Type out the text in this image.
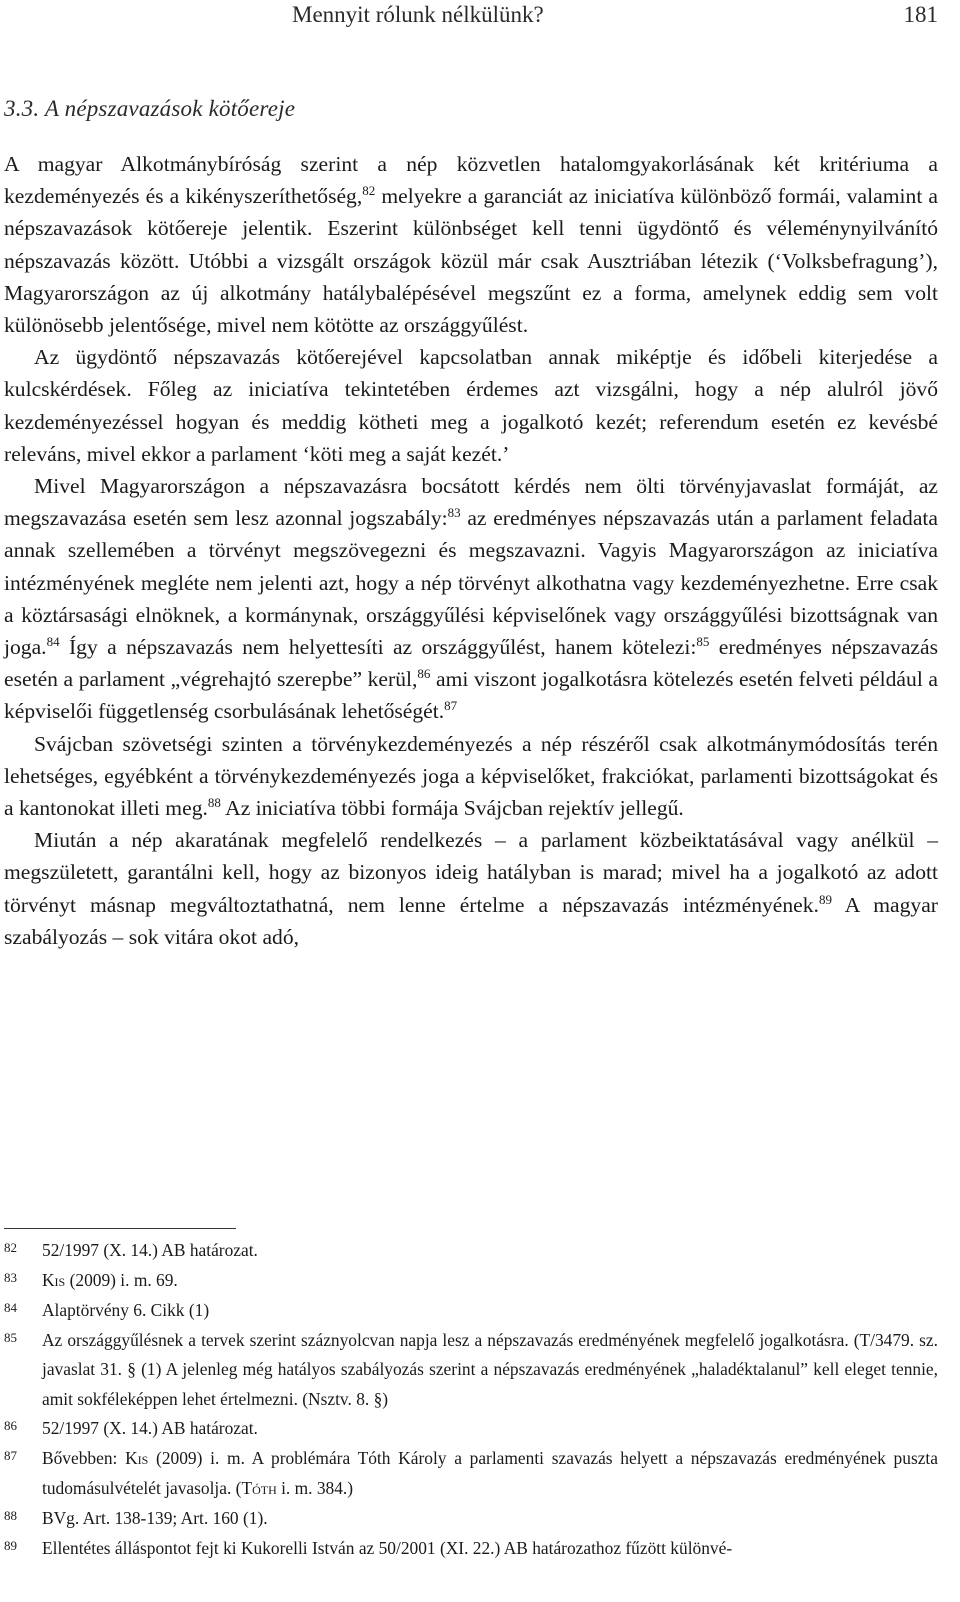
Mennyit rólunk nélkülünk?	181
3.3. A népszavazások kötőereje

A magyar Alkotmánybíróság szerint a nép közvetlen hatalomgyakorlásának két kritériuma a kezdeményezés és a kikényszeríthetőség,$^{82}$ melyekre a garanciát az iniciatíva különböző formái, valamint a népszavazások kötőereje jelentik. Eszerint különbséget kell tenni ügydöntő és véleménynyilvánító népszavazás között. Utóbbi a vizsgált országok közül már csak Ausztriában létezik (‘Volksbefragung’), Magyarországon az új alkotmány hatálybalépésével megszűnt ez a forma, amelynek eddig sem volt különösebb jelentősége, mivel nem kötötte az országgyűlést.

Az ügydöntő népszavazás kötőerejével kapcsolatban annak miképtje és időbeli kiterjedése a kulcskérdések. Főleg az iniciatíva tekintetében érdemes azt vizsgálni, hogy a nép alulról jövő kezdeményezéssel hogyan és meddig kötheti meg a jogalkotó kezét; referendum esetén ez kevésbé releváns, mivel ekkor a parlament ‘köti meg a saját kezét.’

Mivel Magyarországon a népszavazásra bocsátott kérdés nem ölti törvényjavaslat formáját, az megszavazása esetén sem lesz azonnal jogszabály:$^{83}$ az eredményes népszavazás után a parlament feladata annak szellemében a törvényt megszövegezni és megszavazni. Vagyis Magyarországon az iniciatíva intézményének megléte nem jelenti azt, hogy a nép törvényt alkothatna vagy kezdeményezhetne. Erre csak a köztársasági elnöknek, a kormánynak, országgyűlési képviselőnek vagy országgyűlési bizottságnak van joga.$^{84}$ Így a népszavazás nem helyettesíti az országgyűlést, hanem kötelezi:$^{85}$ eredményes népszavazás esetén a parlament „végrehajtó szerepbe” kerül,$^{86}$ ami viszont jogalkotásra kötelezés esetén felveti például a képviselői függetlenség csorbulásának lehetőségét.$^{87}$

Svájcban szövetségi szinten a törvénykezdeményezés a nép részéről csak alkotmánymódosítás terén lehetséges, egyébként a törvénykezdeményezés joga a képviselőket, frakciókat, parlamenti bizottságokat és a kantonokat illeti meg.$^{88}$ Az iniciatíva többi formája Svájcban rejektív jellegű.

Miután a nép akaratának megfelelő rendelkezés – a parlament közbeiktatásával vagy anélkül – megszületett, garantálni kell, hogy az bizonyos ideig hatályban is marad; mivel ha a jogalkotó az adott törvényt másnap megváltoztathatná, nem lenne értelme a népszavazás intézményének.$^{89}$ A magyar szabályozás – sok vitára okot adó,

82 52/1997 (X. 14.) AB határozat.
83 Kis (2009) i. m. 69.
84 Alaptörvény 6. Cikk (1)
85 Az országgyűlésnek a tervek szerint száznyolcvan napja lesz a népszavazás eredményének megfelelő jogalkotásra. (T/3479. sz. javaslat 31. § (1) A jelenleg még hatályos szabályozás szerint a népszavazás eredményének „haladéktalanul” kell eleget tennie, amit sokféleképpen lehet értelmezni. (Nsztv. 8. §)
86 52/1997 (X. 14.) AB határozat.
87 Bővebben: Kis (2009) i. m. A problémára Tóth Károly a parlamenti szavazás helyett a népszavazás eredményének puszta tudomásulvételét javasolja. (Tóth i. m. 384.)
88 BVg. Art. 138-139; Art. 160 (1).
89 Ellentétes álláspontot fejt ki Kukorelli István az 50/2001 (XI. 22.) AB határozathoz fűzött különvé-
